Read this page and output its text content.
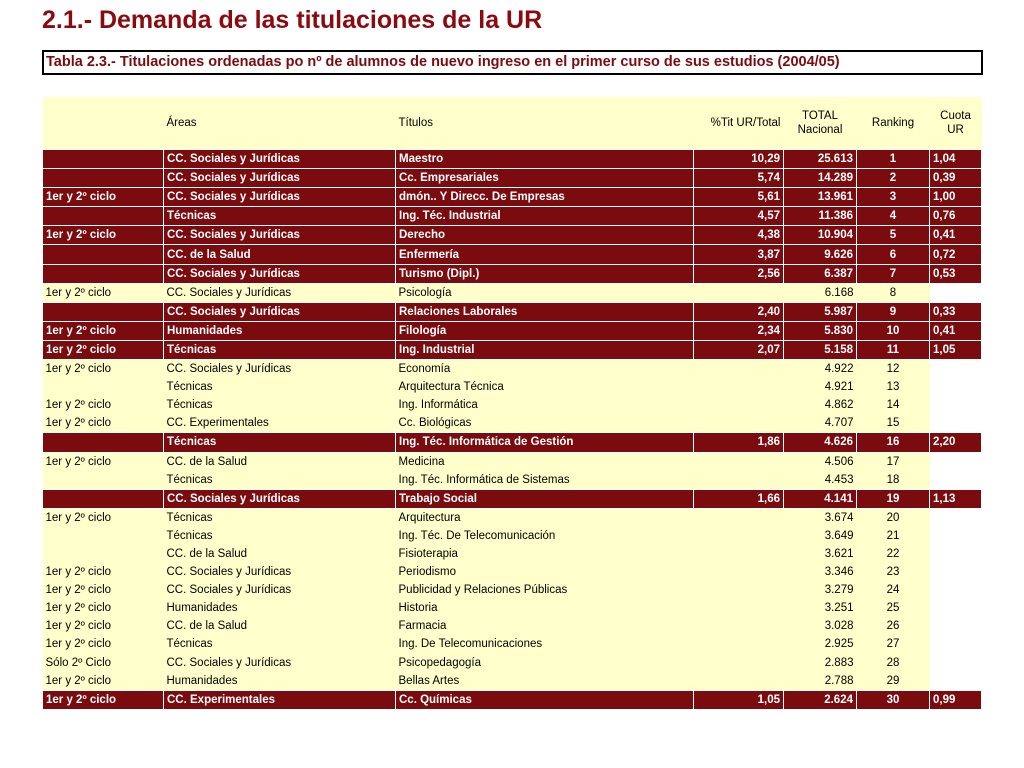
2.1.- Demanda de las titulaciones de la UR
Tabla 2.3.- Titulaciones ordenadas po nº de alumnos de nuevo ingreso en el primer curso de sus estudios (2004/05)
	Áreas	Títulos	%Tit UR/Total	TOTAL Nacional	Ranking	Cuota UR
	CC. Sociales y Jurídicas	Maestro	10,29	25.613	1	1,04
	CC. Sociales y Jurídicas	Cc. Empresariales	5,74	14.289	2	0,39
1er y 2º ciclo	CC. Sociales y Jurídicas	dmón.. Y Direcc. De Empresas	5,61	13.961	3	1,00
	Técnicas	Ing. Téc. Industrial	4,57	11.386	4	0,76
1er y 2º ciclo	CC. Sociales y Jurídicas	Derecho	4,38	10.904	5	0,41
	CC. de la Salud	Enfermería	3,87	9.626	6	0,72
	CC. Sociales y Jurídicas	Turismo (Dipl.)	2,56	6.387	7	0,53
1er y 2º ciclo	CC. Sociales y Jurídicas	Psicología		6.168	8	
	CC. Sociales y Jurídicas	Relaciones Laborales	2,40	5.987	9	0,33
1er y 2º ciclo	Humanidades	Filología	2,34	5.830	10	0,41
1er y 2º ciclo	Técnicas	Ing. Industrial	2,07	5.158	11	1,05
1er y 2º ciclo	CC. Sociales y Jurídicas	Economía		4.922	12	
	Técnicas	Arquitectura Técnica		4.921	13	
1er y 2º ciclo	Técnicas	Ing. Informática		4.862	14	
1er y 2º ciclo	CC. Experimentales	Cc. Biológicas		4.707	15	
	Técnicas	Ing. Téc. Informática de Gestión	1,86	4.626	16	2,20
1er y 2º ciclo	CC. de la Salud	Medicina		4.506	17	
	Técnicas	Ing. Téc. Informática de Sistemas		4.453	18	
	CC. Sociales y Jurídicas	Trabajo Social	1,66	4.141	19	1,13
1er y 2º ciclo	Técnicas	Arquitectura		3.674	20	
	Técnicas	Ing. Téc. De Telecomunicación		3.649	21	
	CC. de la Salud	Fisioterapia		3.621	22	
1er y 2º ciclo	CC. Sociales y Jurídicas	Periodismo		3.346	23	
1er y 2º ciclo	CC. Sociales y Jurídicas	Publicidad y Relaciones Públicas		3.279	24	
1er y 2º ciclo	Humanidades	Historia		3.251	25	
1er y 2º ciclo	CC. de la Salud	Farmacia		3.028	26	
1er y 2º ciclo	Técnicas	Ing. De Telecomunicaciones		2.925	27	
Sólo 2º Ciclo	CC. Sociales y Jurídicas	Psicopedagogía		2.883	28	
1er y 2º ciclo	Humanidades	Bellas Artes		2.788	29	
1er y 2º ciclo	CC. Experimentales	Cc. Químicas	1,05	2.624	30	0,99
